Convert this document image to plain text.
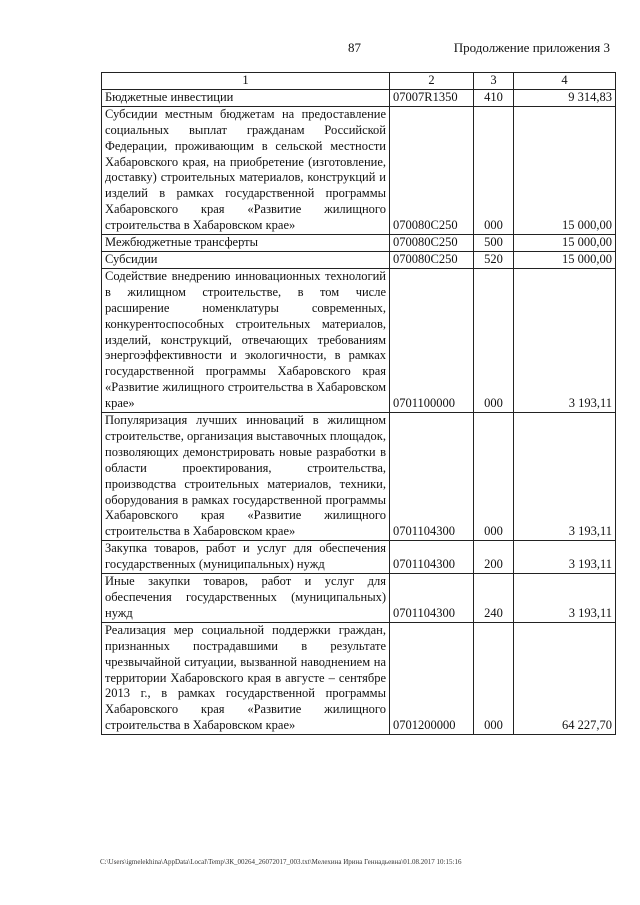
87	Продолжение приложения 3
1	2	3	4
Бюджетные инвестиции	07007R1350	410	9 314,83
Субсидии местным бюджетам на предоставление социальных выплат гражданам Российской Федерации, проживающим в сельской местности Хабаровского края, на приобретение (изготовление, доставку) строительных материалов, конструкций и изделий в рамках государственной программы Хабаровского края «Развитие жилищного строительства в Хабаровском крае»	070080С250	000	15 000,00
Межбюджетные трансферты	070080С250	500	15 000,00
Субсидии	070080С250	520	15 000,00
Содействие внедрению инновационных технологий в жилищном строительстве, в том числе расширение номенклатуры современных, конкурентоспособных строительных материалов, изделий, конструкций, отвечающих требованиям энергоэффективности и экологичности, в рамках государственной программы Хабаровского края «Развитие жилищного строительства в Хабаровском крае»	0701100000	000	3 193,11
Популяризация лучших инноваций в жилищном строительстве, организация выставочных площадок, позволяющих демонстрировать новые разработки в области проектирования, строительства, производства строительных материалов, техники, оборудования в рамках государственной программы Хабаровского края «Развитие жилищного строительства в Хабаровском крае»	0701104300	000	3 193,11
Закупка товаров, работ и услуг для обеспечения государственных (муниципальных) нужд	0701104300	200	3 193,11
Иные закупки товаров, работ и услуг для обеспечения государственных (муниципальных) нужд	0701104300	240	3 193,11
Реализация мер социальной поддержки граждан, признанных пострадавшими в результате чрезвычайной ситуации, вызванной наводнением на территории Хабаровского края в августе – сентябре 2013 г., в рамках государственной программы Хабаровского края «Развитие жилищного строительства в Хабаровском крае»	0701200000	000	64 227,70
C:\Users\igmelekhina\AppData\Local\Temp\ЗК_00264_26072017_003.txt\Мелехина Ирина Геннадьевна\01.08.2017 10:15:16
